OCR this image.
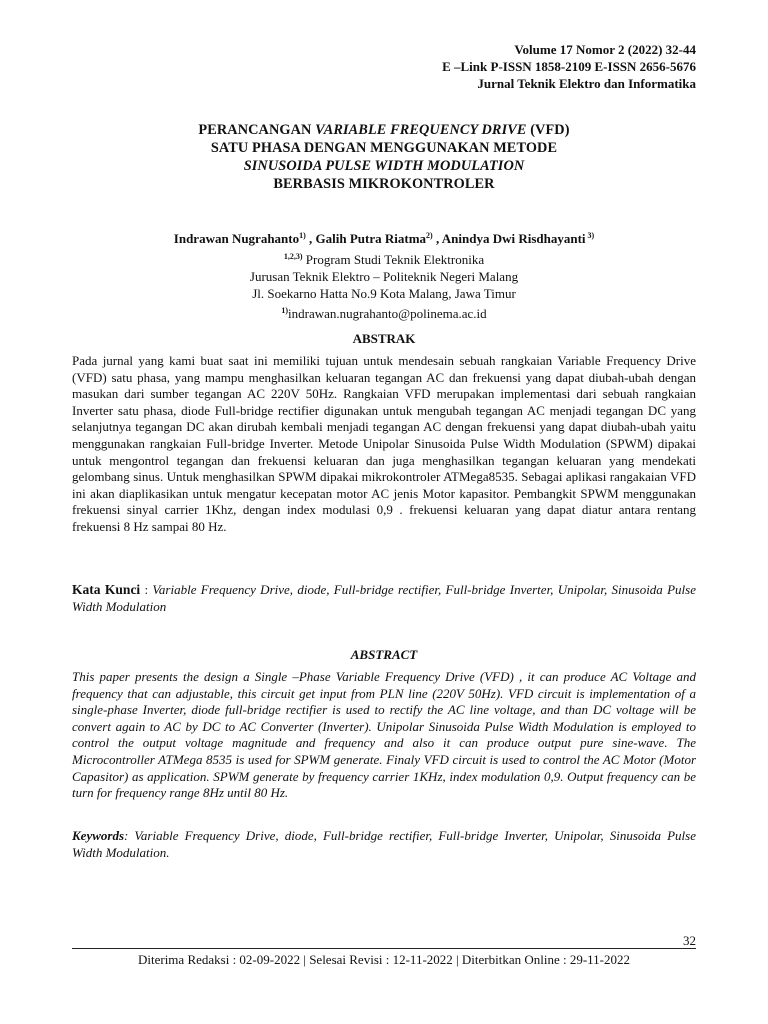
Volume 17 Nomor 2 (2022) 32-44
E –Link P-ISSN 1858-2109 E-ISSN 2656-5676
Jurnal Teknik Elektro dan Informatika
PERANCANGAN VARIABLE FREQUENCY DRIVE (VFD)
SATU PHASA DENGAN MENGGUNAKAN METODE
SINUSOIDA PULSE WIDTH MODULATION
BERBASIS MIKROKONTROLER
Indrawan Nugrahanto$^{1)}$ , Galih Putra Riatma$^{2)}$ , Anindya Dwi Risdhayanti $^{3)}$
$^{1,2,3)}$ Program Studi Teknik Elektronika
Jurusan Teknik Elektro – Politeknik Negeri Malang
Jl. Soekarno Hatta No.9 Kota Malang, Jawa Timur
$^{1)}$indrawan.nugrahanto@polinema.ac.id
ABSTRAK
Pada jurnal yang kami buat saat ini memiliki tujuan untuk mendesain sebuah rangkaian Variable Frequency Drive (VFD) satu phasa, yang mampu menghasilkan keluaran tegangan AC dan frekuensi yang dapat diubah-ubah dengan masukan dari sumber tegangan AC 220V 50Hz. Rangkaian VFD merupakan implementasi dari sebuah rangkaian Inverter satu phasa, diode Full-bridge rectifier digunakan untuk mengubah tegangan AC menjadi tegangan DC yang selanjutnya tegangan DC akan dirubah kembali menjadi tegangan AC dengan frekuensi yang dapat diubah-ubah yaitu menggunakan rangkaian Full-bridge Inverter. Metode Unipolar Sinusoida Pulse Width Modulation (SPWM) dipakai untuk mengontrol tegangan dan frekuensi keluaran dan juga menghasilkan tegangan keluaran yang mendekati gelombang sinus. Untuk menghasilkan SPWM dipakai mikrokontroler ATMega8535. Sebagai aplikasi rangakaian VFD ini akan diaplikasikan untuk mengatur kecepatan motor AC jenis Motor kapasitor. Pembangkit SPWM menggunakan frekuensi sinyal carrier 1Khz, dengan index modulasi 0,9 . frekuensi keluaran yang dapat diatur antara rentang frekuensi 8 Hz sampai 80 Hz.
Kata Kunci : Variable Frequency Drive, diode, Full-bridge rectifier, Full-bridge Inverter, Unipolar, Sinusoida Pulse Width Modulation
ABSTRACT
This paper presents the design a Single –Phase Variable Frequency Drive (VFD) , it can produce AC Voltage and frequency that can adjustable, this circuit get input from PLN line (220V 50Hz). VFD circuit is implementation of a single-phase Inverter, diode full-bridge rectifier is used to rectify the AC line voltage, and than DC voltage will be convert again to AC by DC to AC Converter (Inverter). Unipolar Sinusoida Pulse Width Modulation is employed to control the output voltage magnitude and frequency and also it can produce output pure sine-wave. The Microcontroller ATMega 8535 is used for SPWM generate. Finaly VFD circuit is used to control the AC Motor (Motor Capasitor) as application. SPWM generate by frequency carrier 1KHz, index modulation 0,9. Output frequency can be turn for frequency range 8Hz until 80 Hz.
Keywords: Variable Frequency Drive, diode, Full-bridge rectifier, Full-bridge Inverter, Unipolar, Sinusoida Pulse Width Modulation.
32
Diterima Redaksi : 02-09-2022 | Selesai Revisi : 12-11-2022 | Diterbitkan Online : 29-11-2022
